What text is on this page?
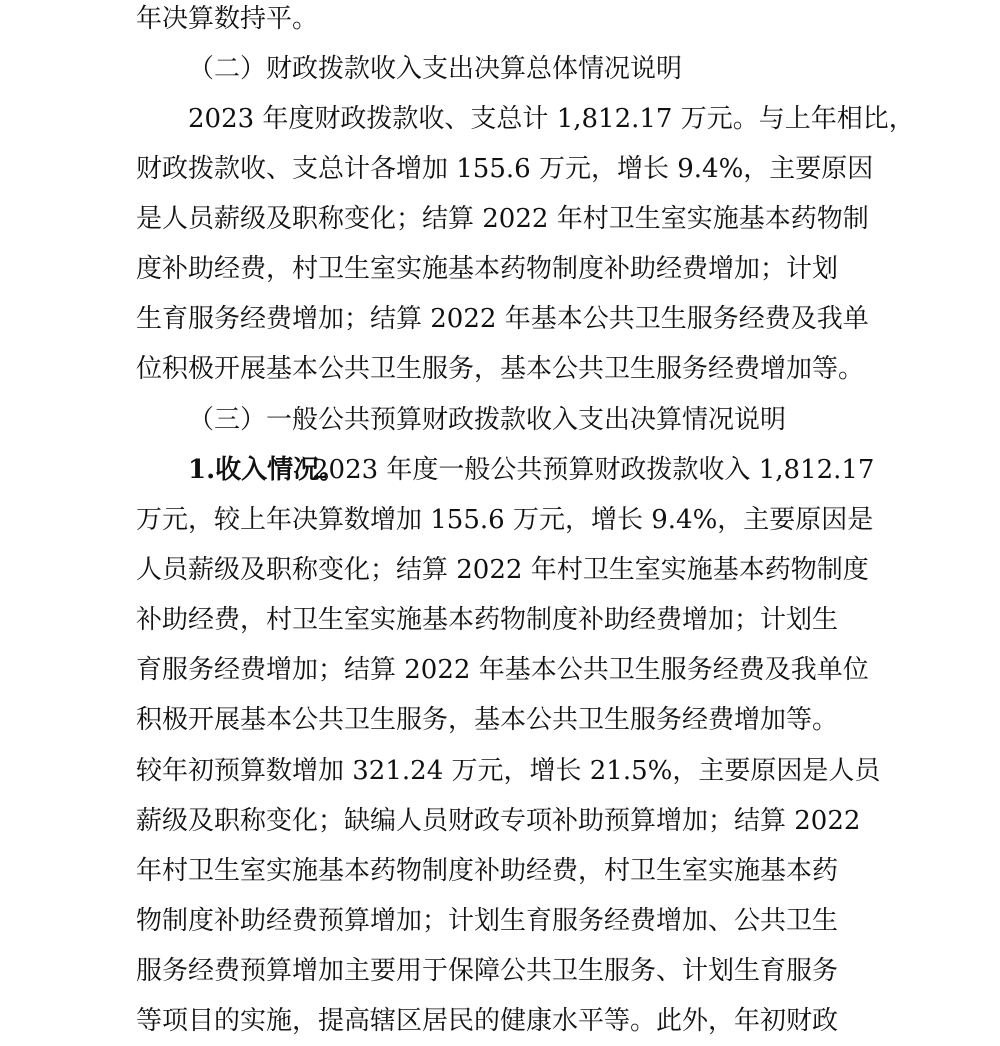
年决算数持平。
（二）财政拨款收入支出决算总体情况说明
2023 年度财政拨款收、支总计 1,812.17 万元。与上年相比，
财政拨款收、支总计各增加 155.6 万元，增长 9.4%，主要原因
是人员薪级及职称变化；结算 2022 年村卫生室实施基本药物制
度补助经费，村卫生室实施基本药物制度补助经费增加；计划
生育服务经费增加；结算 2022 年基本公共卫生服务经费及我单
位积极开展基本公共卫生服务，基本公共卫生服务经费增加等。
（三）一般公共预算财政拨款收入支出决算情况说明
1.收入情况。
2023 年度一般公共预算财政拨款收入 1,812.17
万元，较上年决算数增加 155.6 万元，增长 9.4%，主要原因是
人员薪级及职称变化；结算 2022 年村卫生室实施基本药物制度
补助经费，村卫生室实施基本药物制度补助经费增加；计划生
育服务经费增加；结算 2022 年基本公共卫生服务经费及我单位
积极开展基本公共卫生服务，基本公共卫生服务经费增加等。
较年初预算数增加 321.24 万元，增长 21.5%，主要原因是人员
薪级及职称变化；缺编人员财政专项补助预算增加；结算 2022
年村卫生室实施基本药物制度补助经费，村卫生室实施基本药
物制度补助经费预算增加；计划生育服务经费增加、公共卫生
服务经费预算增加主要用于保障公共卫生服务、计划生育服务
等项目的实施，提高辖区居民的健康水平等。此外，年初财政
